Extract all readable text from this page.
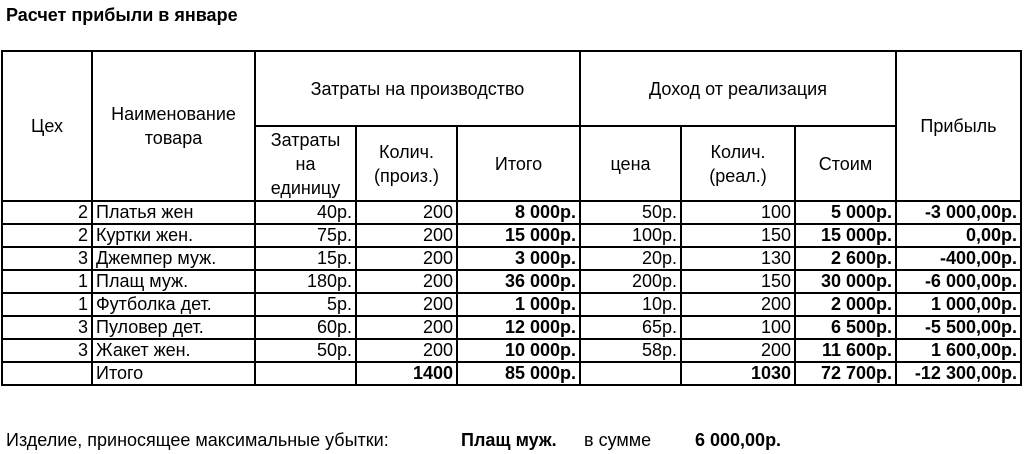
Расчет прибыли в январе
Цех	Наименование товара	Затраты на производство			Доход от реализация			Прибыль
		Затраты на единицу	Колич. (произ.)	Итого	цена	Колич. (реал.)	Стоим	
2	Платья жен	40р.	200	8 000р.	50р.	100	5 000р.	-3 000,00р.
2	Куртки жен.	75р.	200	15 000р.	100р.	150	15 000р.	0,00р.
3	Джемпер муж.	15р.	200	3 000р.	20р.	130	2 600р.	-400,00р.
1	Плащ муж.	180р.	200	36 000р.	200р.	150	30 000р.	-6 000,00р.
1	Футболка дет.	5р.	200	1 000р.	10р.	200	2 000р.	1 000,00р.
3	Пуловер дет.	60р.	200	12 000р.	65р.	100	6 500р.	-5 500,00р.
3	Жакет жен.	50р.	200	10 000р.	58р.	200	11 600р.	1 600,00р.
	Итого		1400	85 000р.		1030	72 700р.	-12 300,00р.
Изделие, приносящее максимальные убытки:	Плащ муж. в сумме 6 000,00р.
